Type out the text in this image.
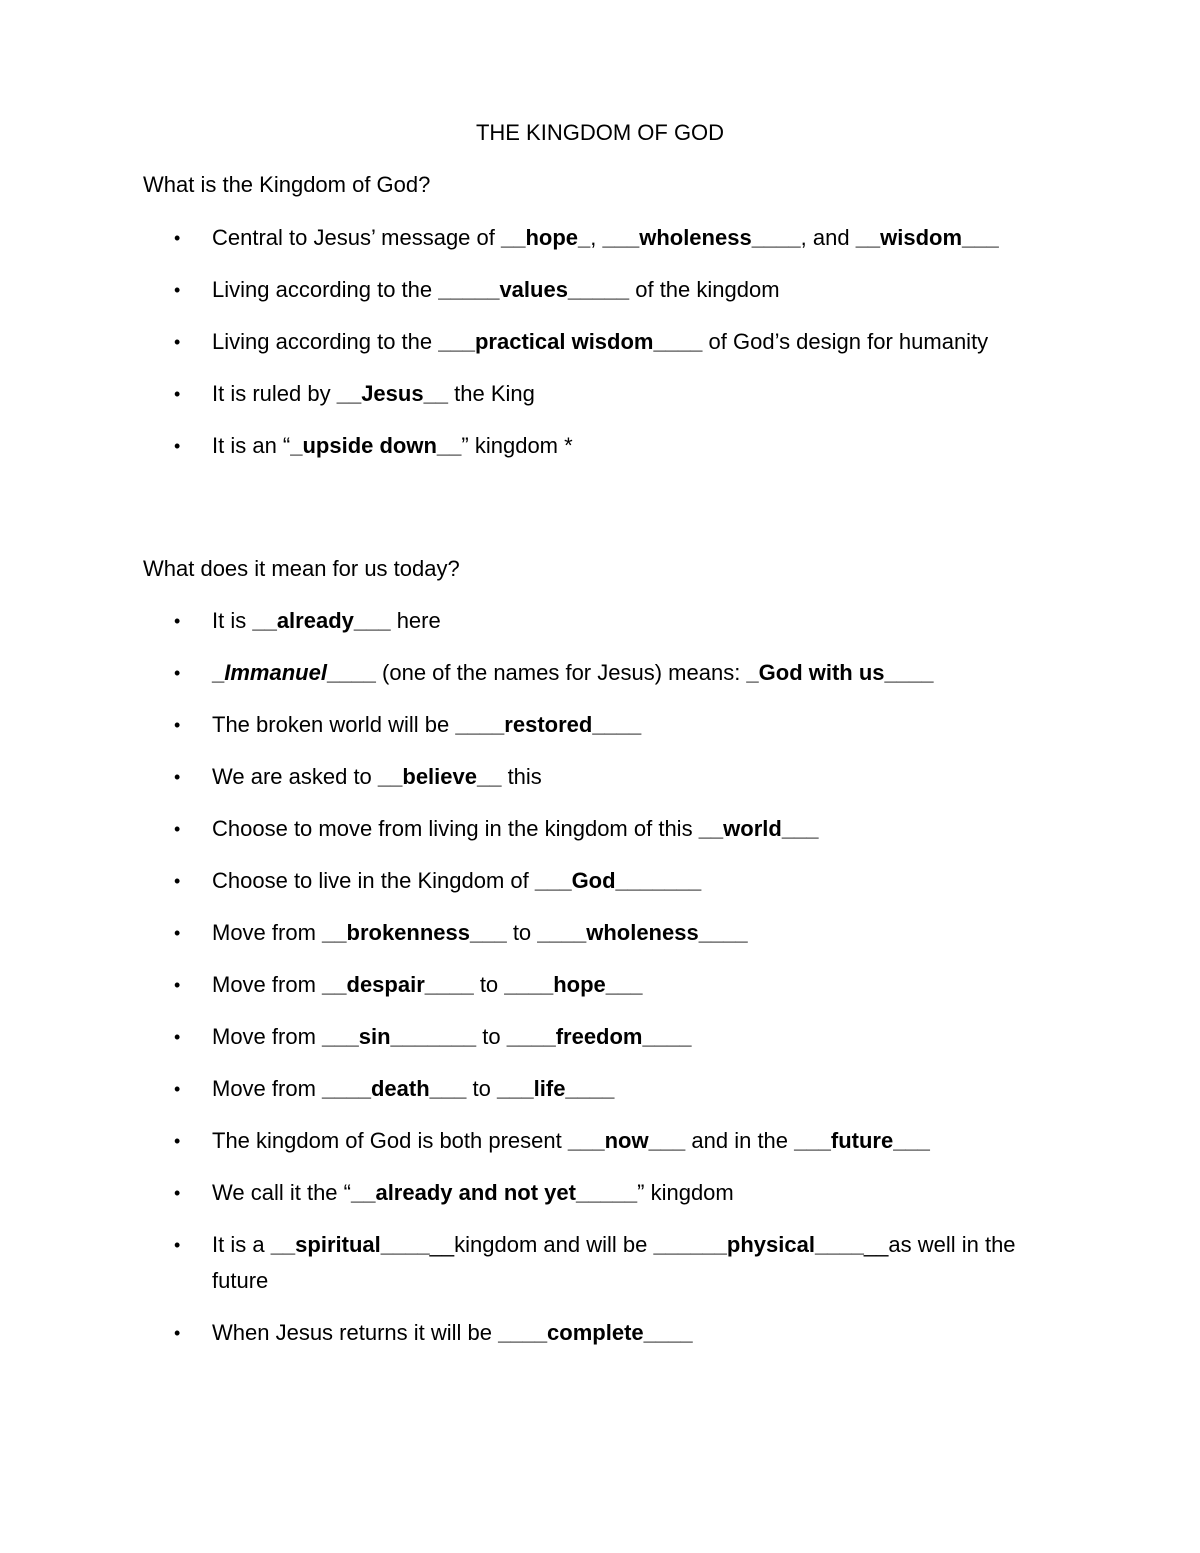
THE KINGDOM OF GOD
What is the Kingdom of God?
• Central to Jesus’ message of __hope_, ___wholeness____, and __wisdom___
• Living according to the _____values_____ of the kingdom
• Living according to the ___practical wisdom____ of God’s design for humanity
• It is ruled by __Jesus__ the King
• It is an “_upside down__” kingdom *
What does it mean for us today?
• It is __already___ here
• _Immanuel____ (one of the names for Jesus) means: _God with us____
• The broken world will be ____restored____
• We are asked to __believe__ this
• Choose to move from living in the kingdom of this __world___
• Choose to live in the Kingdom of ___God_______
• Move from __brokenness___ to ____wholeness____
• Move from __despair____ to ____hope___
• Move from ___sin_______ to ____freedom____
• Move from ____death___ to ___life____
• The kingdom of God is both present ___now___ and in the ___future___
• We call it the “__already and not yet_____” kingdom
• It is a __spiritual______kingdom and will be ______physical______as well in the future
• When Jesus returns it will be ____complete____
